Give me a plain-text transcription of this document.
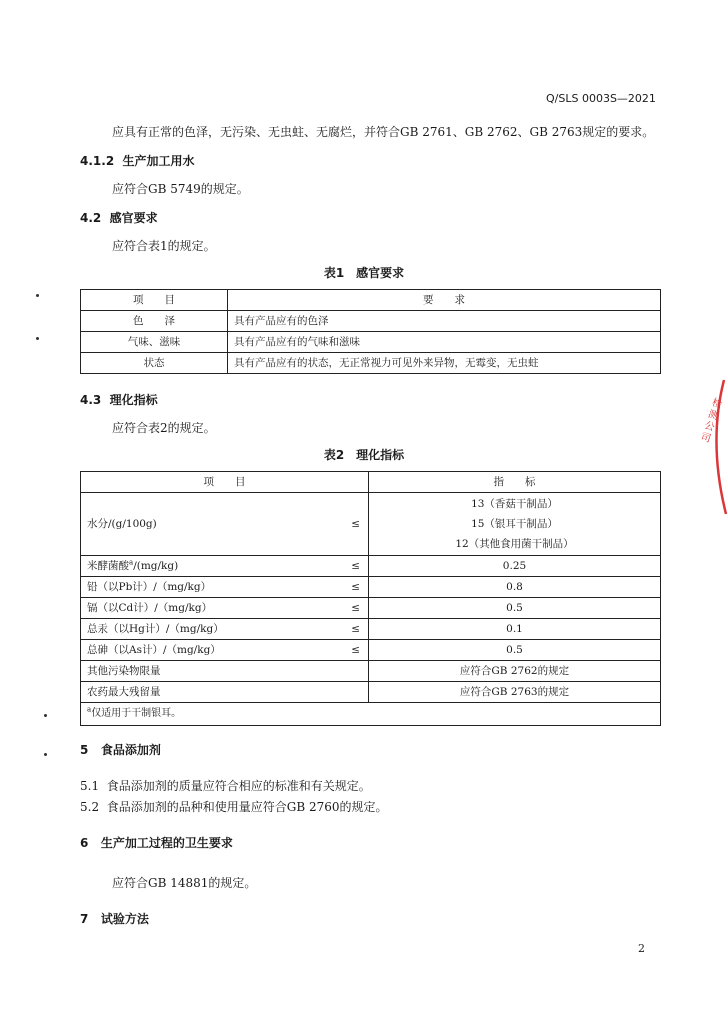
Q/SLS 0003S—2021
应具有正常的色泽，无污染、无虫蛀、无腐烂，并符合GB 2761、GB 2762、GB 2763规定的要求。
4.1.2 生产加工用水
应符合GB 5749的规定。
4.2 感官要求
应符合表1的规定。
表1　感官要求
项　　目	要　　求
色　　泽	具有产品应有的色泽
气味、滋味	具有产品应有的气味和滋味
状态	具有产品应有的状态，无正常视力可见外来异物，无霉变，无虫蛀
4.3 理化指标
应符合表2的规定。
表2　理化指标
项　　目		指　　标
水分/(g/100g)	≤	13（香菇干制品）
15（银耳干制品）
12（其他食用菌干制品）

米酵菌酸$^a$/(mg/kg)	≤	0.25
铅（以Pb计）/（mg/kg）	≤	0.8
镉（以Cd计）/（mg/kg）	≤	0.5
总汞（以Hg计）/（mg/kg）	≤	0.1
总砷（以As计）/（mg/kg）	≤	0.5
其他污染物限量		应符合GB 2762的规定
农药最大残留量		应符合GB 2763的规定
$^a$仅适用于干制银耳。		
5 食品添加剂
5.1 食品添加剂的质量应符合相应的标准和有关规定。
5.2 食品添加剂的品种和使用量应符合GB 2760的规定。
6 生产加工过程的卫生要求
应符合GB 14881的规定。
7 试验方法
2
检测公司
